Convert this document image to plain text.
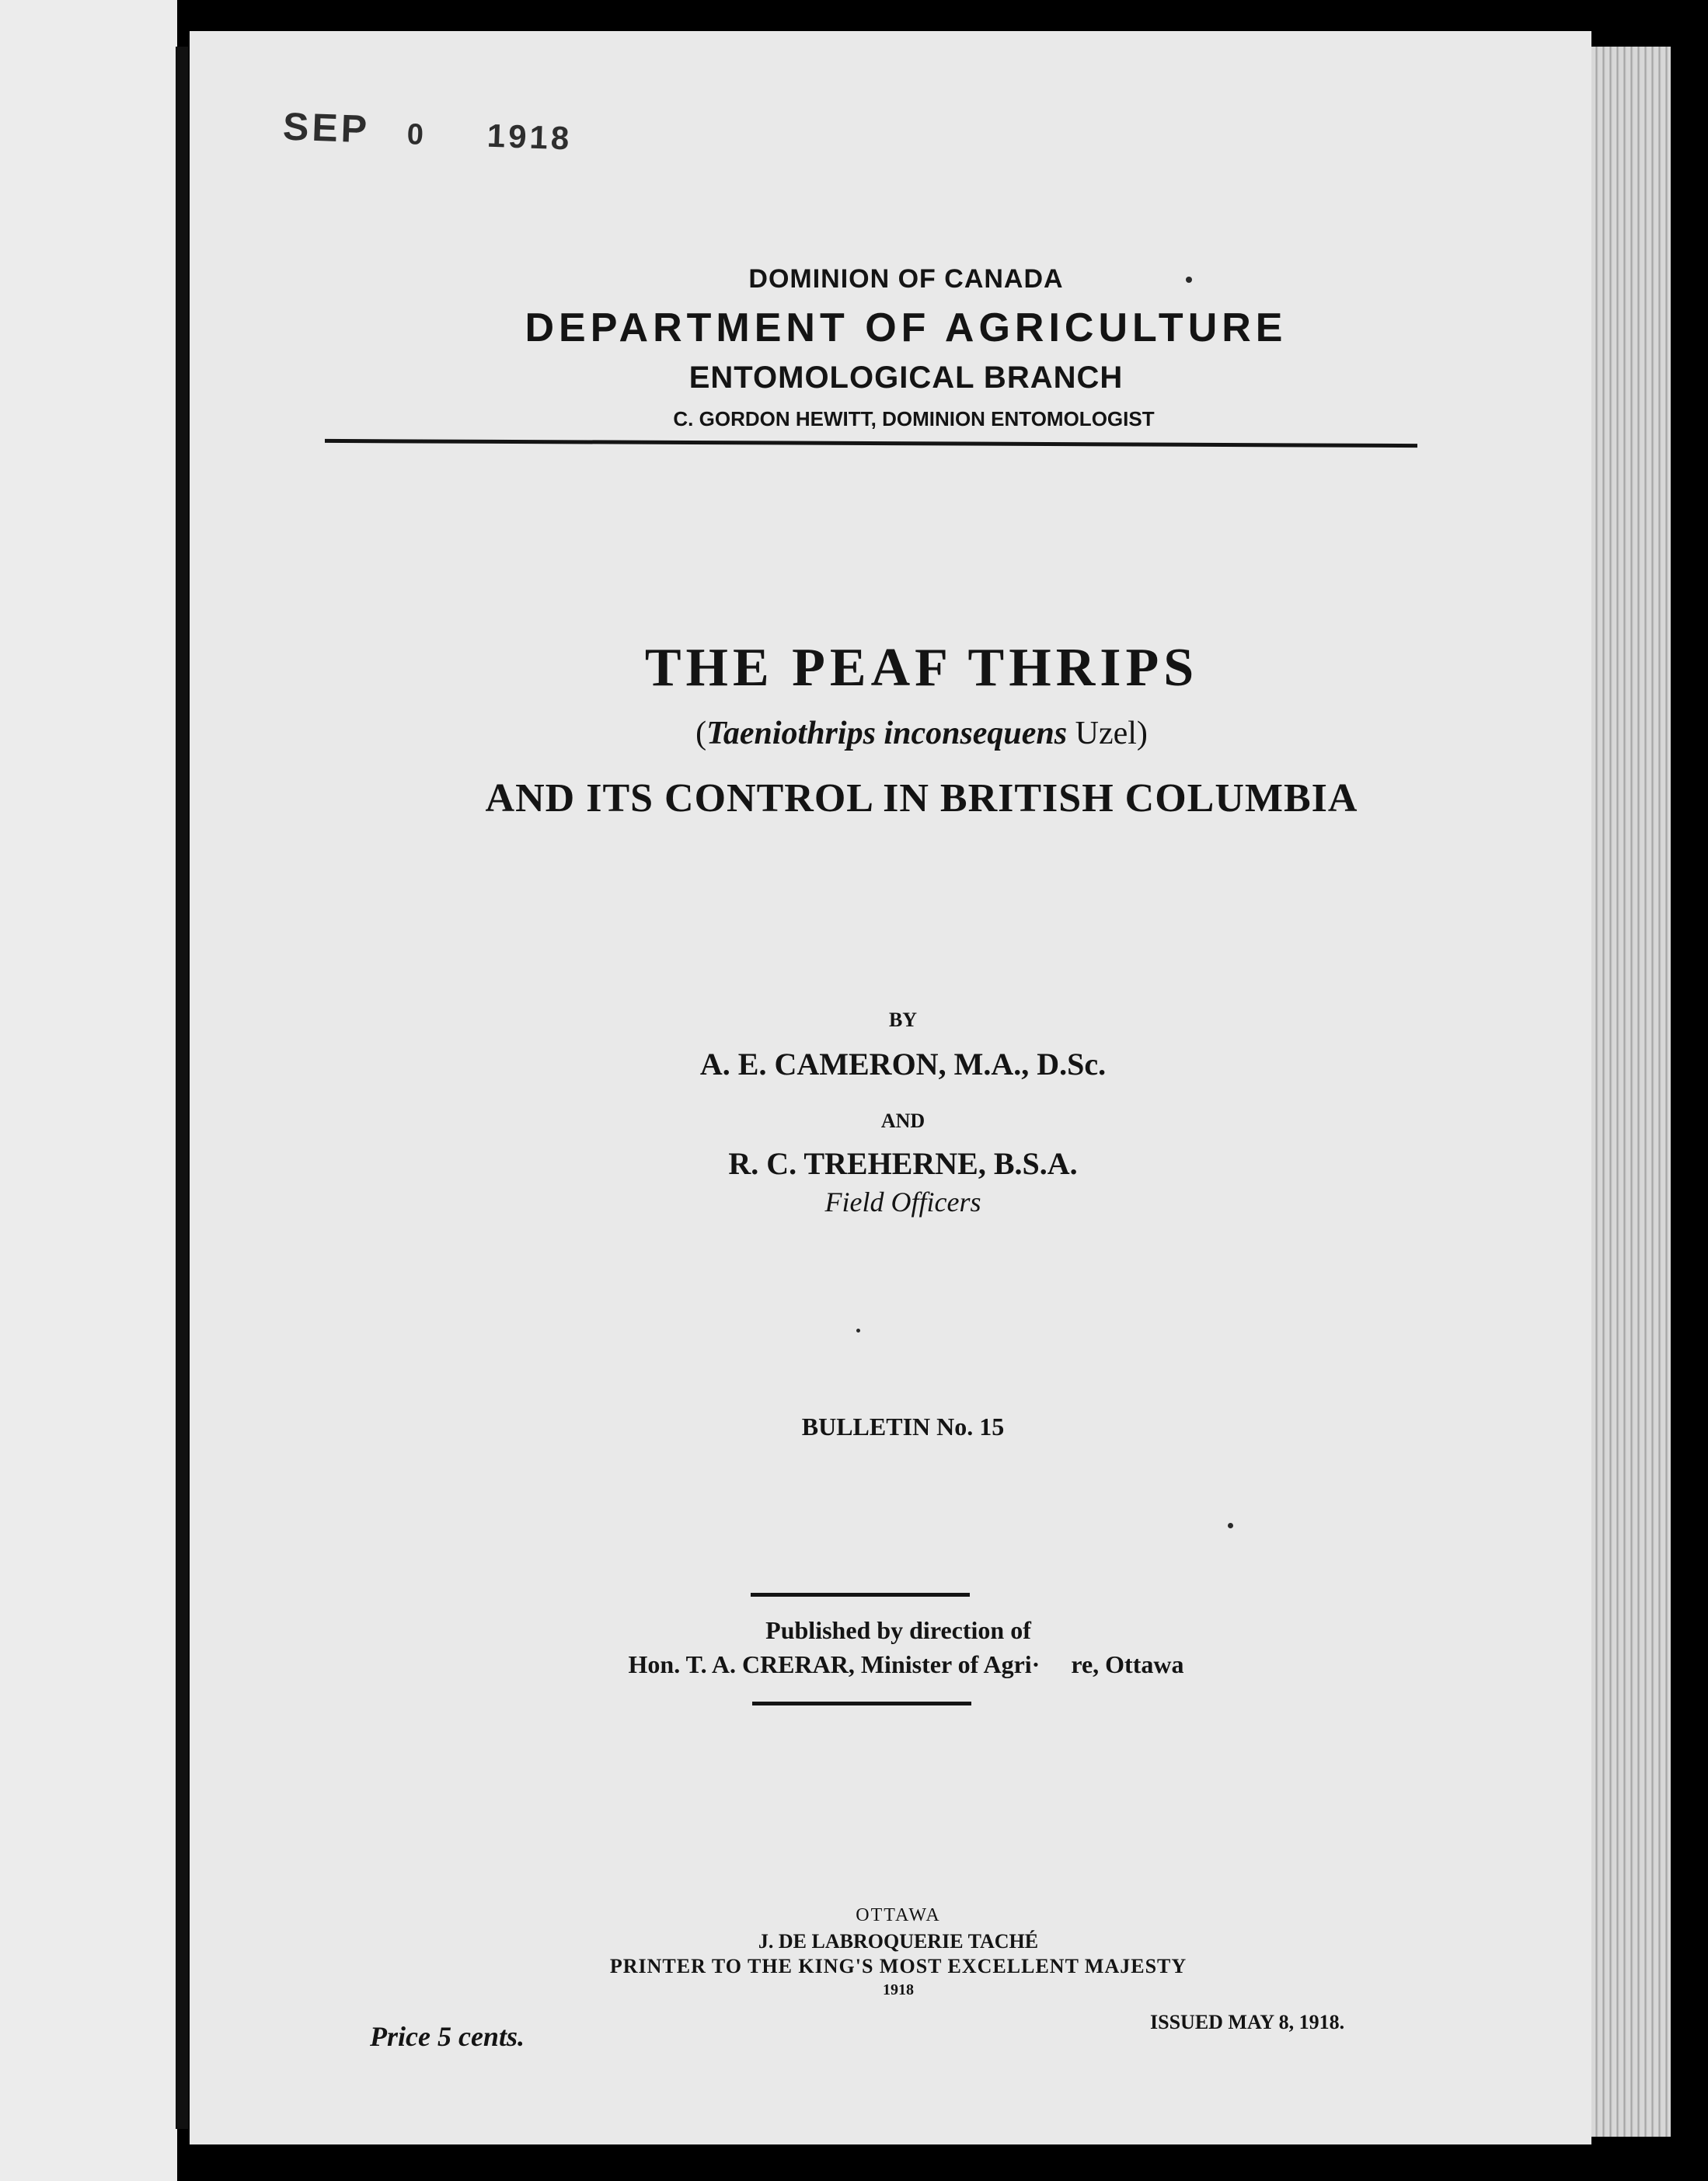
SEP 0 1918
DOMINION OF CANADA
DEPARTMENT OF AGRICULTURE
ENTOMOLOGICAL BRANCH
C. GORDON HEWITT, DOMINION ENTOMOLOGIST
THE PEAF THRIPS
(Taeniothrips inconsequens Uzel)
AND ITS CONTROL IN BRITISH COLUMBIA
BY
A. E. CAMERON, M.A., D.Sc.
AND
R. C. TREHERNE, B.S.A.
Field Officers
BULLETIN No. 15
Published by direction of
Hon. T. A. CRERAR, Minister of Agri·     re, Ottawa
OTTAWA
J. DE LABROQUERIE TACHÉ
PRINTER TO THE KING'S MOST EXCELLENT MAJESTY
1918
Price 5 cents.	ISSUED MAY 8, 1918.
